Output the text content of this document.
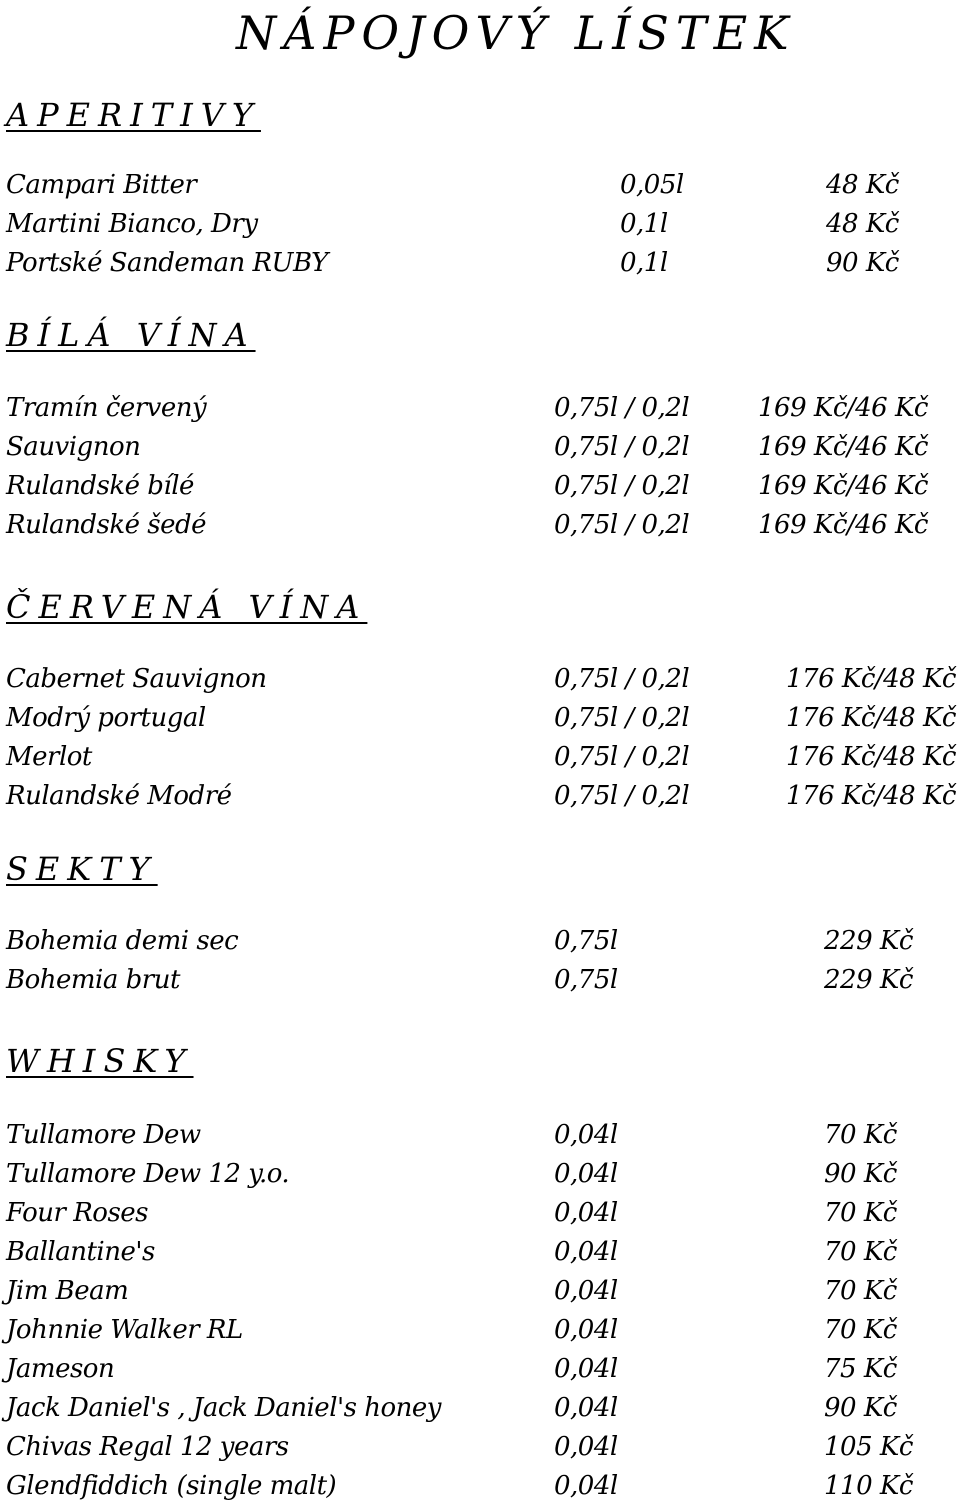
NÁPOJOVÝ LÍSTEK
APERITIVY
Campari Bitter	0,05l	48 Kč
Martini Bianco, Dry	0,1l	48 Kč
Portské Sandeman RUBY	0,1l	90 Kč
BÍLÁ VÍNA
Tramín červený	0,75l / 0,2l	169 Kč/46 Kč
Sauvignon	0,75l / 0,2l	169 Kč/46 Kč
Rulandské bílé	0,75l / 0,2l	169 Kč/46 Kč
Rulandské šedé	0,75l / 0,2l	169 Kč/46 Kč
ČERVENÁ VÍNA
Cabernet Sauvignon	0,75l / 0,2l	176 Kč/48 Kč
Modrý portugal	0,75l / 0,2l	176 Kč/48 Kč
Merlot	0,75l / 0,2l	176 Kč/48 Kč
Rulandské Modré	0,75l / 0,2l	176 Kč/48 Kč
SEKTY
Bohemia demi sec	0,75l	229 Kč
Bohemia brut	0,75l	229 Kč
WHISKY
Tullamore Dew	0,04l	70 Kč
Tullamore Dew 12 y.o.	0,04l	90 Kč
Four Roses	0,04l	70 Kč
Ballantine's	0,04l	70 Kč
Jim Beam	0,04l	70 Kč
Johnnie Walker RL	0,04l	70 Kč
Jameson	0,04l	75 Kč
Jack Daniel's , Jack Daniel's honey	0,04l	90 Kč
Chivas Regal 12 years	0,04l	105 Kč
Glendfiddich (single malt)	0,04l	110 Kč
